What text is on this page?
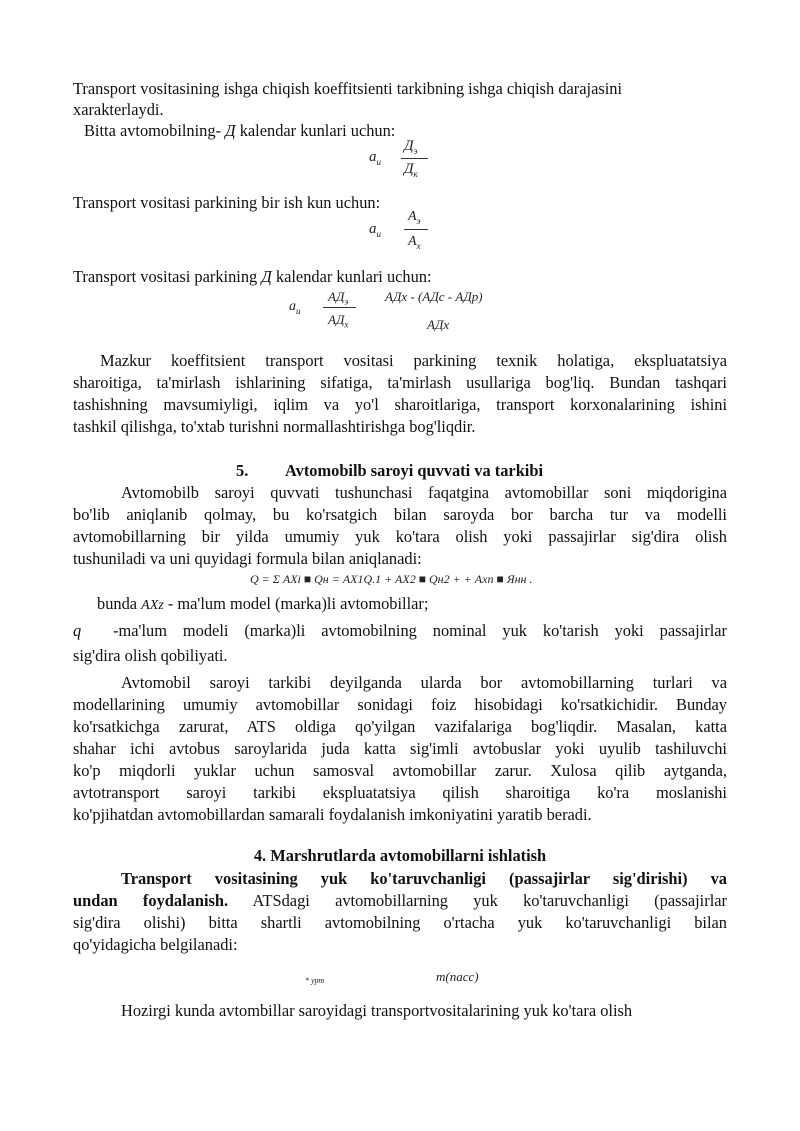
Transport vositasining ishga chiqish koeffitsienti tarkibning ishga chiqish darajasini
xarakterlaydi.
Bitta avtomobilning- Д kalendar kunlari uchun:
$a_и$
$Д_э$
$Д_к$
Transport vositasi parkining bir ish kun uchun:
$a_и$
$A_э$
$A_х$
Transport vositasi parkining Д kalendar kunlari uchun:
$a_и$
$АД_э$
$АД_х$
АДх - (АДс - АДр)
АДх
Mazkur koeffitsient transport vositasi parkining texnik holatiga, ekspluatatsiya
sharoitiga, ta'mirlash ishlarining sifatiga, ta'mirlash usullariga bog'liq. Bundan tashqari
tashishning mavsumiyligi, iqlim va yo'l sharoitlariga, transport korxonalarining ishini
tashkil qilishga, to'xtab turishni normallashtirishga bog'liqdir.
5. Avtomobilb saroyi quvvati va tarkibi
Avtomobilb saroyi quvvati tushunchasi faqatgina avtomobillar soni miqdorigina
bo'lib aniqlanib qolmay, bu ko'rsatgich bilan saroyda bor barcha tur va modelli
avtomobillarning bir yilda umumiy yuk ko'tara olish yoki passajirlar sig'dira olish
tushuniladi va uni quyidagi formula bilan aniqlanadi:
Q = Σ AXi ■ Qн = AX1Q.1 + AX2 ■ Qн2 + + Axn ■ Янн .
bunda AXz - ma'lum model (marka)li avtomobillar;
q -ma'lum modeli (marka)li avtomobilning nominal yuk ko'tarish yoki passajirlar
sig'dira olish qobiliyati.
Avtomobil saroyi tarkibi deyilganda ularda bor avtomobillarning turlari va
modellarining umumiy avtomobillar sonidagi foiz hisobidagi ko'rsatkichidir. Bunday
ko'rsatkichga zarurat, ATS oldiga qo'yilgan vazifalariga bog'liqdir. Masalan, katta
shahar ichi avtobus saroylarida juda katta sig'imli avtobuslar yoki uyulib tashiluvchi
ko'p miqdorli yuklar uchun samosval avtomobillar zarur. Xulosa qilib aytganda,
avtotransport saroyi tarkibi ekspluatatsiya qilish sharoitiga ko'ra moslanishi
ko'pjihatdan avtomobillardan samarali foydalanish imkoniyatini yaratib beradi.
4. Marshrutlarda avtomobillarni ishlatish
Transport vositasining yuk ko'taruvchanligi (passajirlar sig'dirishi) va
undan foydalanish. ATSdagi avtomobillarning yuk ko'taruvchanligi (passajirlar
sig'dira olishi) bitta shartli avtomobilning o'rtacha yuk ko'taruvchanligi bilan
qo'yidagicha belgilanadi:
* урт	т(пасс)
Hozirgi kunda avtombillar saroyidagi transportvositalarining yuk ko'tara olish
